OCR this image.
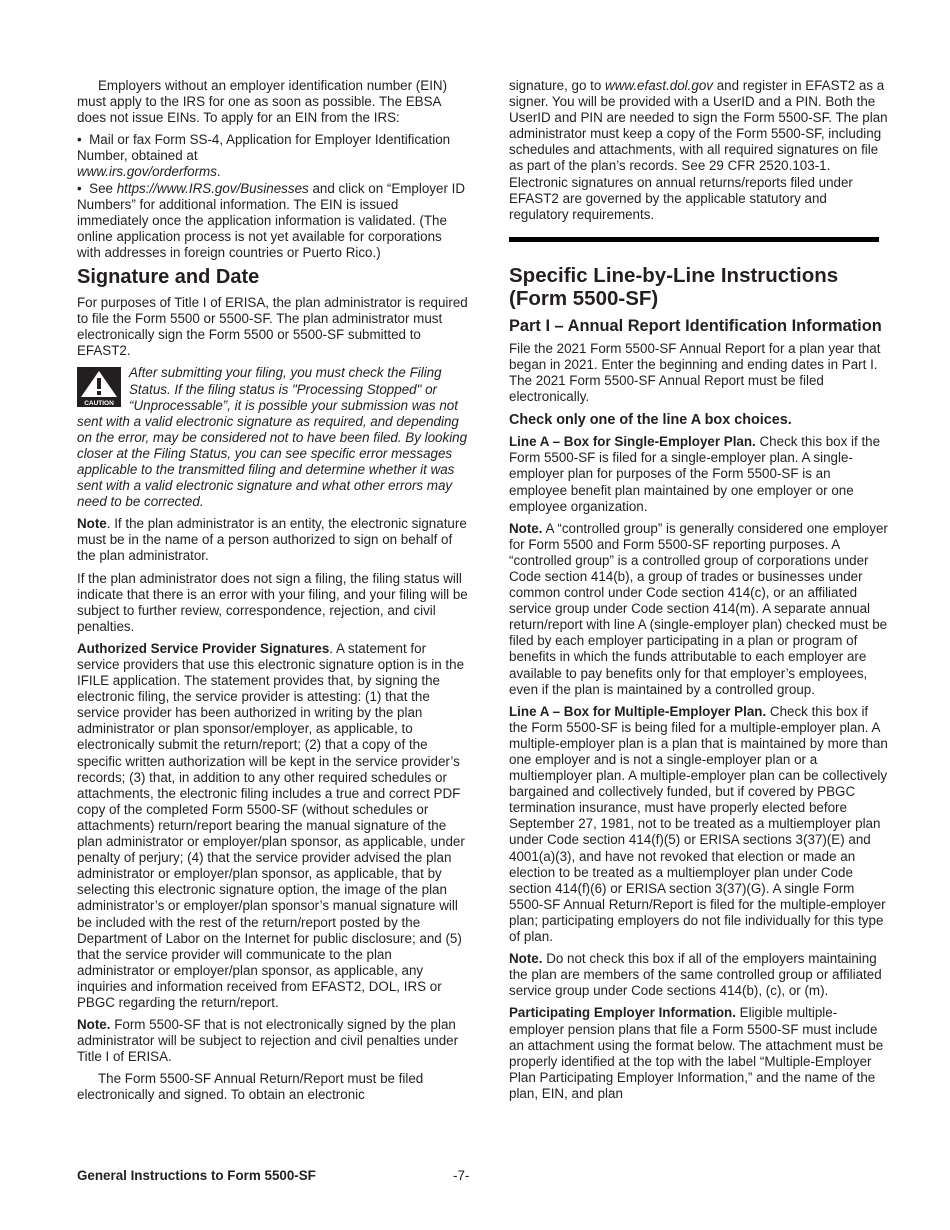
Employers without an employer identification number (EIN) must apply to the IRS for one as soon as possible. The EBSA does not issue EINs. To apply for an EIN from the IRS:

•  Mail or fax Form SS-4, Application for Employer Identification Number, obtained at
www.irs.gov/orderforms.

•  See https://www.IRS.gov/Businesses and click on “Employer ID Numbers” for additional information. The EIN is issued immediately once the application information is validated. (The online application process is not yet available for corporations with addresses in foreign countries or Puerto Rico.)

Signature and Date

For purposes of Title I of ERISA, the plan administrator is required to file the Form 5500 or 5500-SF. The plan administrator must electronically sign the Form 5500 or 5500-SF submitted to EFAST2.

CAUTION

After submitting your filing, you must check the Filing Status. If the filing status is "Processing Stopped" or “Unprocessable”, it is possible your submission was not sent with a valid electronic signature as required, and depending on the error, may be considered not to have been filed. By looking closer at the Filing Status, you can see specific error messages applicable to the transmitted filing and determine whether it was sent with a valid electronic signature and what other errors may need to be corrected.

Note. If the plan administrator is an entity, the electronic signature must be in the name of a person authorized to sign on behalf of the plan administrator.

If the plan administrator does not sign a filing, the filing status will indicate that there is an error with your filing, and your filing will be subject to further review, correspondence, rejection, and civil penalties.

Authorized Service Provider Signatures. A statement for service providers that use this electronic signature option is in the IFILE application. The statement provides that, by signing the electronic filing, the service provider is attesting: (1) that the service provider has been authorized in writing by the plan administrator or plan sponsor/employer, as applicable, to electronically submit the return/report; (2) that a copy of the specific written authorization will be kept in the service provider’s records; (3) that, in addition to any other required schedules or attachments, the electronic filing includes a true and correct PDF copy of the completed Form 5500-SF (without schedules or attachments) return/report bearing the manual signature of the plan administrator or employer/plan sponsor, as applicable, under penalty of perjury; (4) that the service provider advised the plan administrator or employer/plan sponsor, as applicable, that by selecting this electronic signature option, the image of the plan administrator’s or employer/plan sponsor’s manual signature will be included with the rest of the return/report posted by the Department of Labor on the Internet for public disclosure; and (5) that the service provider will communicate to the plan administrator or employer/plan sponsor, as applicable, any inquiries and information received from EFAST2, DOL, IRS or PBGC regarding the return/report.

Note. Form 5500-SF that is not electronically signed by the plan administrator will be subject to rejection and civil penalties under Title I of ERISA.

The Form 5500-SF Annual Return/Report must be filed electronically and signed. To obtain an electronic

signature, go to www.efast.dol.gov and register in EFAST2 as a signer. You will be provided with a UserID and a PIN. Both the UserID and PIN are needed to sign the Form 5500-SF. The plan administrator must keep a copy of the Form 5500-SF, including schedules and attachments, with all required signatures on file as part of the plan’s records. See 29 CFR 2520.103-1. Electronic signatures on annual returns/reports filed under EFAST2 are governed by the applicable statutory and regulatory requirements.

Specific Line-by-Line Instructions (Form 5500-SF)
Part I – Annual Report Identification Information

File the 2021 Form 5500-SF Annual Report for a plan year that began in 2021. Enter the beginning and ending dates in Part I. The 2021 Form 5500-SF Annual Report must be filed electronically.

Check only one of the line A box choices.

Line A – Box for Single-Employer Plan. Check this box if the Form 5500-SF is filed for a single-employer plan. A single-employer plan for purposes of the Form 5500-SF is an employee benefit plan maintained by one employer or one employee organization.

Note. A “controlled group” is generally considered one employer for Form 5500 and Form 5500-SF reporting purposes. A “controlled group” is a controlled group of corporations under Code section 414(b), a group of trades or businesses under common control under Code section 414(c), or an affiliated service group under Code section 414(m). A separate annual return/report with line A (single-employer plan) checked must be filed by each employer participating in a plan or program of benefits in which the funds attributable to each employer are available to pay benefits only for that employer’s employees, even if the plan is maintained by a controlled group.

Line A – Box for Multiple-Employer Plan. Check this box if the Form 5500-SF is being filed for a multiple-employer plan. A multiple-employer plan is a plan that is maintained by more than one employer and is not a single-employer plan or a multiemployer plan. A multiple-employer plan can be collectively bargained and collectively funded, but if covered by PBGC termination insurance, must have properly elected before September 27, 1981, not to be treated as a multiemployer plan under Code section 414(f)(5) or ERISA sections 3(37)(E) and 4001(a)(3), and have not revoked that election or made an election to be treated as a multiemployer plan under Code section 414(f)(6) or ERISA section 3(37)(G). A single Form 5500-SF Annual Return/Report is filed for the multiple-employer plan; participating employers do not file individually for this type of plan.

Note. Do not check this box if all of the employers maintaining the plan are members of the same controlled group or affiliated service group under Code sections 414(b), (c), or (m).

Participating Employer Information. Eligible multiple-employer pension plans that file a Form 5500-SF must include an attachment using the format below. The attachment must be properly identified at the top with the label “Multiple-Employer Plan Participating Employer Information,” and the name of the plan, EIN, and plan

General Instructions to Form 5500-SF	-7-
